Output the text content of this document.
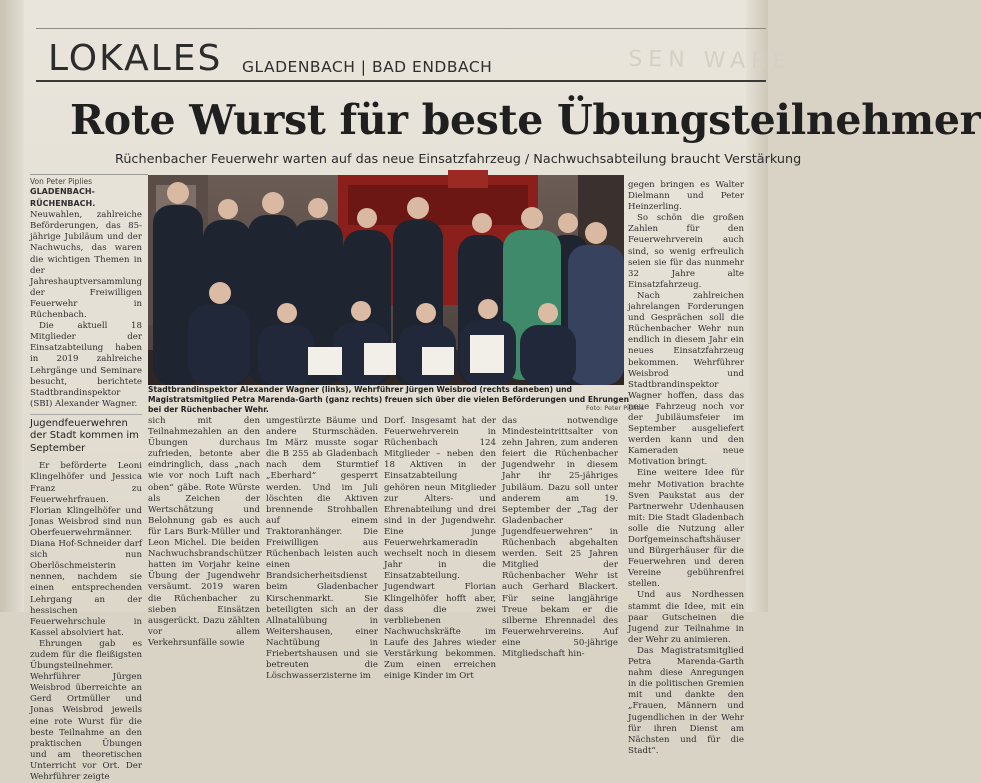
SEN WARE
LOKALES GLADENBACH | BAD ENDBACH
Rote Wurst für beste Übungsteilnehmer
Rüchenbacher Feuerwehr warten auf das neue Einsatzfahrzeug / Nachwuchsabteilung braucht Verstärkung
Von Peter Piplies

GLADENBACH-RÜCHENBACH. Neuwahlen, zahlreiche Beförderungen, das 85-jährige Jubiläum und der Nachwuchs, das waren die wichtigen Themen in der Jahreshauptversammlung der Freiwilligen Feuerwehr in Rüchenbach.

Die aktuell 18 Mitglieder der Einsatzabteilung haben in 2019 zahlreiche Lehrgänge und Seminare besucht, berichtete Stadtbrandinspektor (SBI) Alexander Wagner.

Jugendfeuerwehren der Stadt kommen im September

Er beförderte Leoni Klingelhöfer und Jessica Franz zu Feuerwehrfrauen. Florian Klingelhöfer und Jonas Weisbrod sind nun Oberfeuerwehrmänner. Diana Hof-Schneider darf sich nun Oberlöschmeisterin nennen, nachdem sie einen entsprechenden Lehrgang an der hessischen Feuerwehrschule in Kassel absolviert hat.

Ehrungen gab es zudem für die fleißigsten Übungsteilnehmer. Wehrführer Jürgen Weisbrod überreichte an Gerd Ortmüller und Jonas Weisbrod jeweils eine rote Wurst für die beste Teilnahme an den praktischen Übungen und am theoretischen Unterricht vor Ort. Der Wehrführer zeigte

Stadtbrandinspektor Alexander Wagner (links), Wehrführer Jürgen Weisbrod (rechts daneben) und Magistratsmitglied Petra Marenda-Garth (ganz rechts) freuen sich über die vielen Beförderungen und Ehrungen bei der Rüchenbacher Wehr.	Foto: Peter Piplies
sich mit den Teilnahmezahlen an den Übungen durchaus zufrieden, betonte aber eindringlich, dass „nach wie vor noch Luft nach oben“ gäbe. Rote Würste als Zeichen der Wertschätzung und Belohnung gab es auch für Lars Burk-Müller und Leon Michel. Die beiden Nachwuchsbrandschützer hatten im Vorjahr keine Übung der Jugendwehr versäumt. 2019 waren die Rüchenbacher zu sieben Einsätzen ausgerückt. Dazu zählten vor allem Verkehrsunfälle sowie
umgestürzte Bäume und andere Sturmschäden. Im März musste sogar die B 255 ab Gladenbach nach dem Sturmtief „Eberhard“ gesperrt werden. Und im Juli löschten die Aktiven brennende Strohballen auf einem Traktoranhänger. Die Freiwilligen aus Rüchenbach leisten auch einen Brandsicherheitsdienst beim Gladenbacher Kirschenmarkt. Sie beteiligten sich an der Allnatalübung in Weitershausen, einer Nachtübung in Friebertshausen und sie betreuten die Löschwasserzisterne im
Dorf. Insgesamt hat der Feuerwehrverein in Rüchenbach 124 Mitglieder – neben den 18 Aktiven in der Einsatzabteilung gehören neun Mitglieder zur Alters- und Ehrenabteilung und drei sind in der Jugendwehr. Eine junge Feuerwehrkameradin wechselt noch in diesem Jahr in die Einsatzabteilung. Jugendwart Florian Klingelhöfer hofft aber, dass die zwei verbliebenen Nachwuchskräfte im Laufe des Jahres wieder Verstärkung bekommen. Zum einen erreichen einige Kinder im Ort
das notwendige Mindesteintrittsalter von zehn Jahren, zum anderen feiert die Rüchenbacher Jugendwehr in diesem Jahr ihr 25-jähriges Jubiläum. Dazu soll unter anderem am 19. September der „Tag der Gladenbacher Jugendfeuerwehren“ in Rüchenbach abgehalten werden. Seit 25 Jahren Mitglied der Rüchenbacher Wehr ist auch Gerhard Blackert. Für seine langjährige Treue bekam er die silberne Ehrennadel des Feuerwehrvereins. Auf eine 50-jährige Mitgliedschaft hin-

gegen bringen es Walter Dielmann und Peter Heinzerling.

So schön die großen Zahlen für den Feuerwehrverein auch sind, so wenig erfreulich seien sie für das nunmehr 32 Jahre alte Einsatzfahrzeug.

Nach zahlreichen jahrelangen Forderungen und Gesprächen soll die Rüchenbacher Wehr nun endlich in diesem Jahr ein neues Einsatzfahrzeug bekommen. Wehrführer Weisbrod und Stadtbrandinspektor Wagner hoffen, dass das neue Fahrzeug noch vor der Jubiläumsfeier im September ausgeliefert werden kann und den Kameraden neue Motivation bringt.

Eine weitere Idee für mehr Motivation brachte Sven Paukstat aus der Partnerwehr Udenhausen mit: Die Stadt Gladenbach solle die Nutzung aller Dorfgemeinschaftshäuser und Bürgerhäuser für die Feuerwehren und deren Vereine gebührenfrei stellen.

Und aus Nordhessen stammt die Idee, mit ein paar Gutscheinen die Jugend zur Teilnahme in der Wehr zu animieren.

Das Magistratsmitglied Petra Marenda-Garth nahm diese Anregungen in die politischen Gremien mit und dankte den „Frauen, Männern und Jugendlichen in der Wehr für ihren Dienst am Nächsten und für die Stadt“.
